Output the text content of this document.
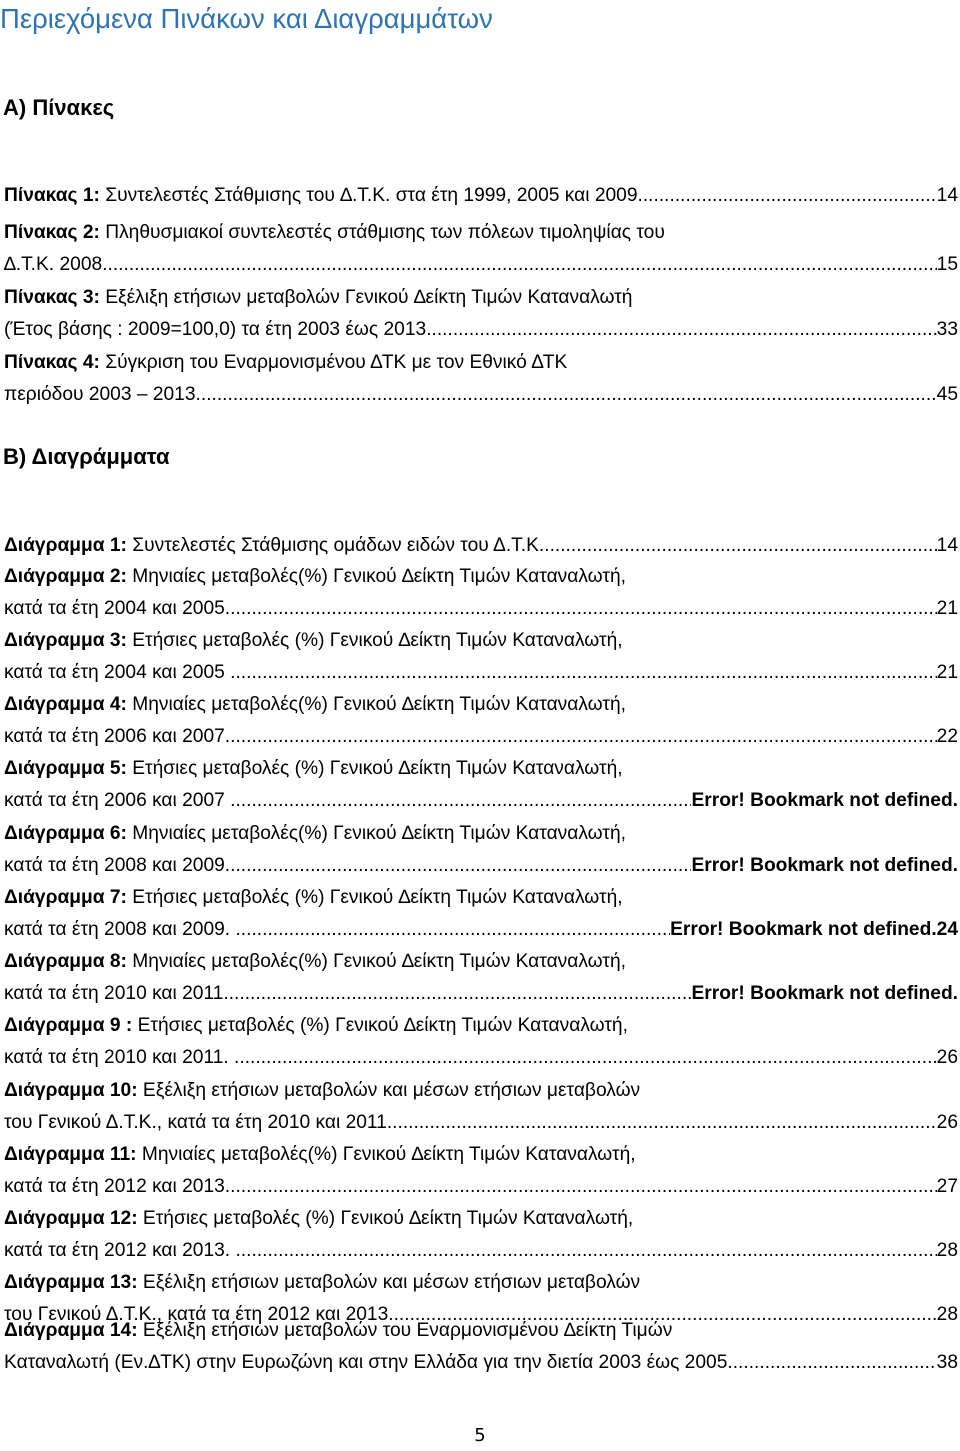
Περιεχόμενα Πινάκων και Διαγραμμάτων
Α) Πίνακες
Πίνακας 1: Συντελεστές Στάθμισης του ∆.Τ.Κ. στα έτη 1999, 2005 και 2009 .....	14
Πίνακας 2: Πληθυσμιακοί συντελεστές στάθμισης των πόλεων τιμοληψίας του
∆.Τ.Κ. 2008 .....	15
Πίνακας 3: Εξέλιξη ετήσιων μεταβολών Γενικού ∆είκτη Τιμών Καταναλωτή
(Έτος βάσης : 2009=100,0) τα έτη 2003 έως 2013 .....	33
Πίνακας 4: Σύγκριση του Εναρμονισμένου ΔΤΚ με τον Εθνικό ΔΤΚ
περιόδου 2003 – 2013 .....	45
Β) Διαγράμματα
Διάγραμμα 1: Συντελεστές Στάθμισης ομάδων ειδών του Δ.Τ.Κ. .....	14
Διάγραμμα 2: Μηνιαίες μεταβολές(%) Γενικού ∆είκτη Τιμών Καταναλωτή,
κατά τα έτη 2004 και 2005 .....	21
Διάγραμμα 3: Ετήσιες μεταβολές (%) Γενικού ∆είκτη Τιμών Καταναλωτή,
κατά τα έτη 2004 και 2005 .....	21
Διάγραμμα 4: Μηνιαίες μεταβολές(%) Γενικού ∆είκτη Τιμών Καταναλωτή,
κατά τα έτη 2006 και 2007 .....	22
Διάγραμμα 5: Ετήσιες μεταβολές (%) Γενικού ∆είκτη Τιμών Καταναλωτή,
κατά τα έτη 2006 και 2007 .....	Error! Bookmark not defined.
Διάγραμμα 6: Μηνιαίες μεταβολές(%) Γενικού ∆είκτη Τιμών Καταναλωτή,
κατά τα έτη 2008 και 2009 .....	Error! Bookmark not defined.
Διάγραμμα 7: Ετήσιες μεταβολές (%) Γενικού ∆είκτη Τιμών Καταναλωτή,
κατά τα έτη 2008 και 2009. .....	Error! Bookmark not defined.24
Διάγραμμα 8: Μηνιαίες μεταβολές(%) Γενικού ∆είκτη Τιμών Καταναλωτή,
κατά τα έτη 2010 και 2011 .....	Error! Bookmark not defined.
Διάγραμμα 9 : Ετήσιες μεταβολές (%) Γενικού ∆είκτη Τιμών Καταναλωτή,
κατά τα έτη 2010 και 2011. .....	26
Διάγραμμα 10: Εξέλιξη ετήσιων μεταβολών και μέσων ετήσιων μεταβολών
του Γενικού Δ.Τ.Κ., κατά τα έτη 2010 και 2011 .....	26
Διάγραμμα 11: Μηνιαίες μεταβολές(%) Γενικού ∆είκτη Τιμών Καταναλωτή,
κατά τα έτη 2012 και 2013 .....	27
Διάγραμμα 12: Ετήσιες μεταβολές (%) Γενικού ∆είκτη Τιμών Καταναλωτή,
κατά τα έτη 2012 και 2013. .....	28
Διάγραμμα 13: Εξέλιξη ετήσιων μεταβολών και μέσων ετήσιων μεταβολών
του Γενικού Δ.Τ.Κ., κατά τα έτη 2012 και 2013 .....	28
Διάγραμμα 14: Εξέλιξη ετήσιων μεταβολών του Εναρμονισμένου ∆είκτη Τιμών
Καταναλωτή (Εν.∆ΤΚ) στην Ευρωζώνη και στην Ελλάδα για την διετία 2003 έως 2005. .....	38
5
